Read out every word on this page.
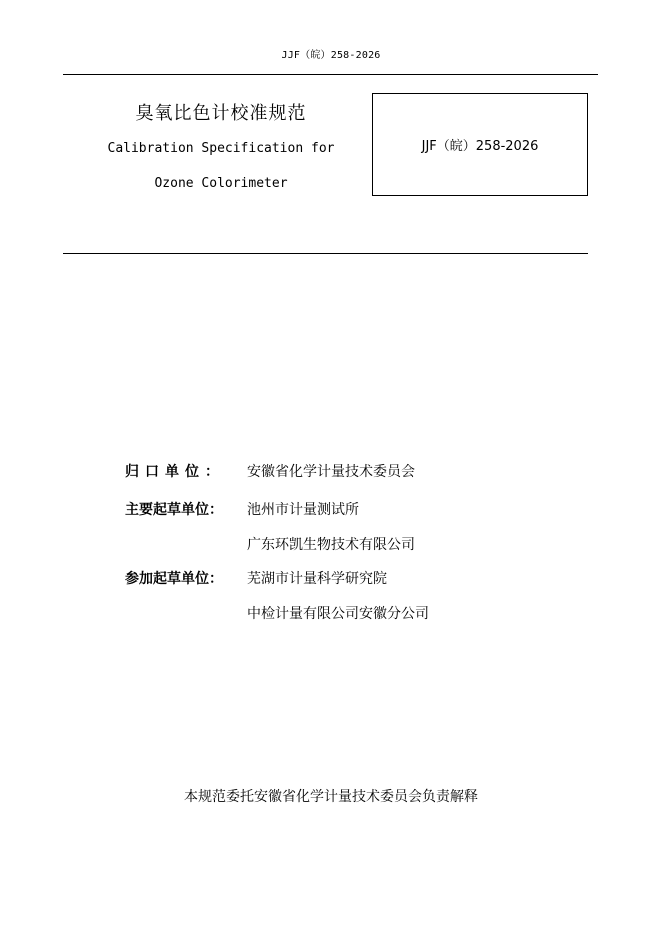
JJF（皖）258-2026
臭氧比色计校准规范
Calibration Specification for
Ozone Colorimeter
JJF（皖）258-2026
归口单位： 安徽省化学计量技术委员会
主要起草单位： 池州市计量测试所
广东环凯生物技术有限公司
参加起草单位： 芜湖市计量科学研究院
中检计量有限公司安徽分公司
本规范委托安徽省化学计量技术委员会负责解释
